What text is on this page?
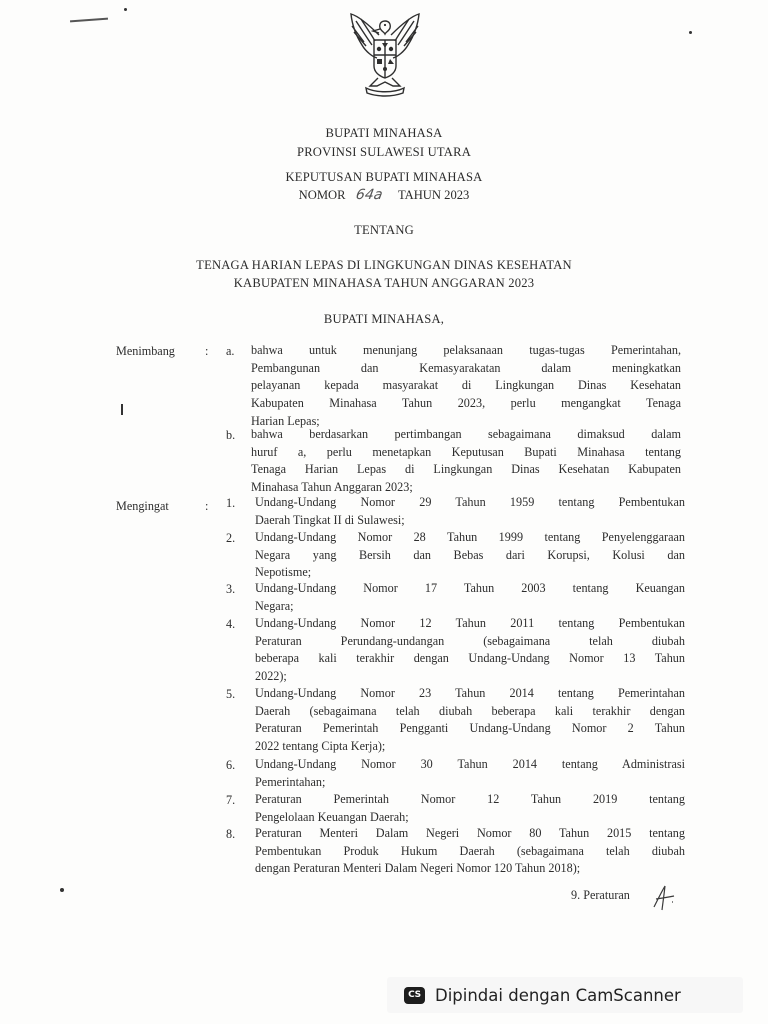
BUPATI MINAHASA
PROVINSI SULAWESI UTARA
KEPUTUSAN BUPATI MINAHASA
NOMOR 64a TAHUN 2023
TENTANG
TENAGA HARIAN LEPAS DI LINGKUNGAN DINAS KESEHATAN
KABUPATEN MINAHASA TAHUN ANGGARAN 2023
BUPATI MINAHASA,
Menimbang : a. bahwa untuk menunjang pelaksanaan tugas-tugas Pemerintahan,
Pembangunan dan Kemasyarakatan dalam meningkatkan
pelayanan kepada masyarakat di Lingkungan Dinas Kesehatan
Kabupaten Minahasa Tahun 2023, perlu mengangkat Tenaga
Harian Lepas;
b. bahwa berdasarkan pertimbangan sebagaimana dimaksud dalam
huruf a, perlu menetapkan Keputusan Bupati Minahasa tentang
Tenaga Harian Lepas di Lingkungan Dinas Kesehatan Kabupaten
Minahasa Tahun Anggaran 2023;
Mengingat	: 1. Undang-Undang Nomor 29 Tahun 1959 tentang Pembentukan
Daerah Tingkat II di Sulawesi;
2. Undang-Undang Nomor 28 Tahun 1999 tentang Penyelenggaraan
Negara yang Bersih dan Bebas dari Korupsi, Kolusi dan
Nepotisme;
3. Undang-Undang Nomor 17 Tahun 2003 tentang Keuangan
Negara;
4. Undang-Undang Nomor 12 Tahun 2011 tentang Pembentukan
Peraturan Perundang-undangan (sebagaimana telah diubah
beberapa kali terakhir dengan Undang-Undang Nomor 13 Tahun
2022);
5. Undang-Undang Nomor 23 Tahun 2014 tentang Pemerintahan
Daerah (sebagaimana telah diubah beberapa kali terakhir dengan
Peraturan Pemerintah Pengganti Undang-Undang Nomor 2 Tahun
2022 tentang Cipta Kerja);
6. Undang-Undang Nomor 30 Tahun 2014 tentang Administrasi
Pemerintahan;
7. Peraturan Pemerintah Nomor 12 Tahun 2019 tentang
Pengelolaan Keuangan Daerah;
8. Peraturan Menteri Dalam Negeri Nomor 80 Tahun 2015 tentang
Pembentukan Produk Hukum Daerah (sebagaimana telah diubah
dengan Peraturan Menteri Dalam Negeri Nomor 120 Tahun 2018);
9. Peraturan
CS Dipindai dengan CamScanner
